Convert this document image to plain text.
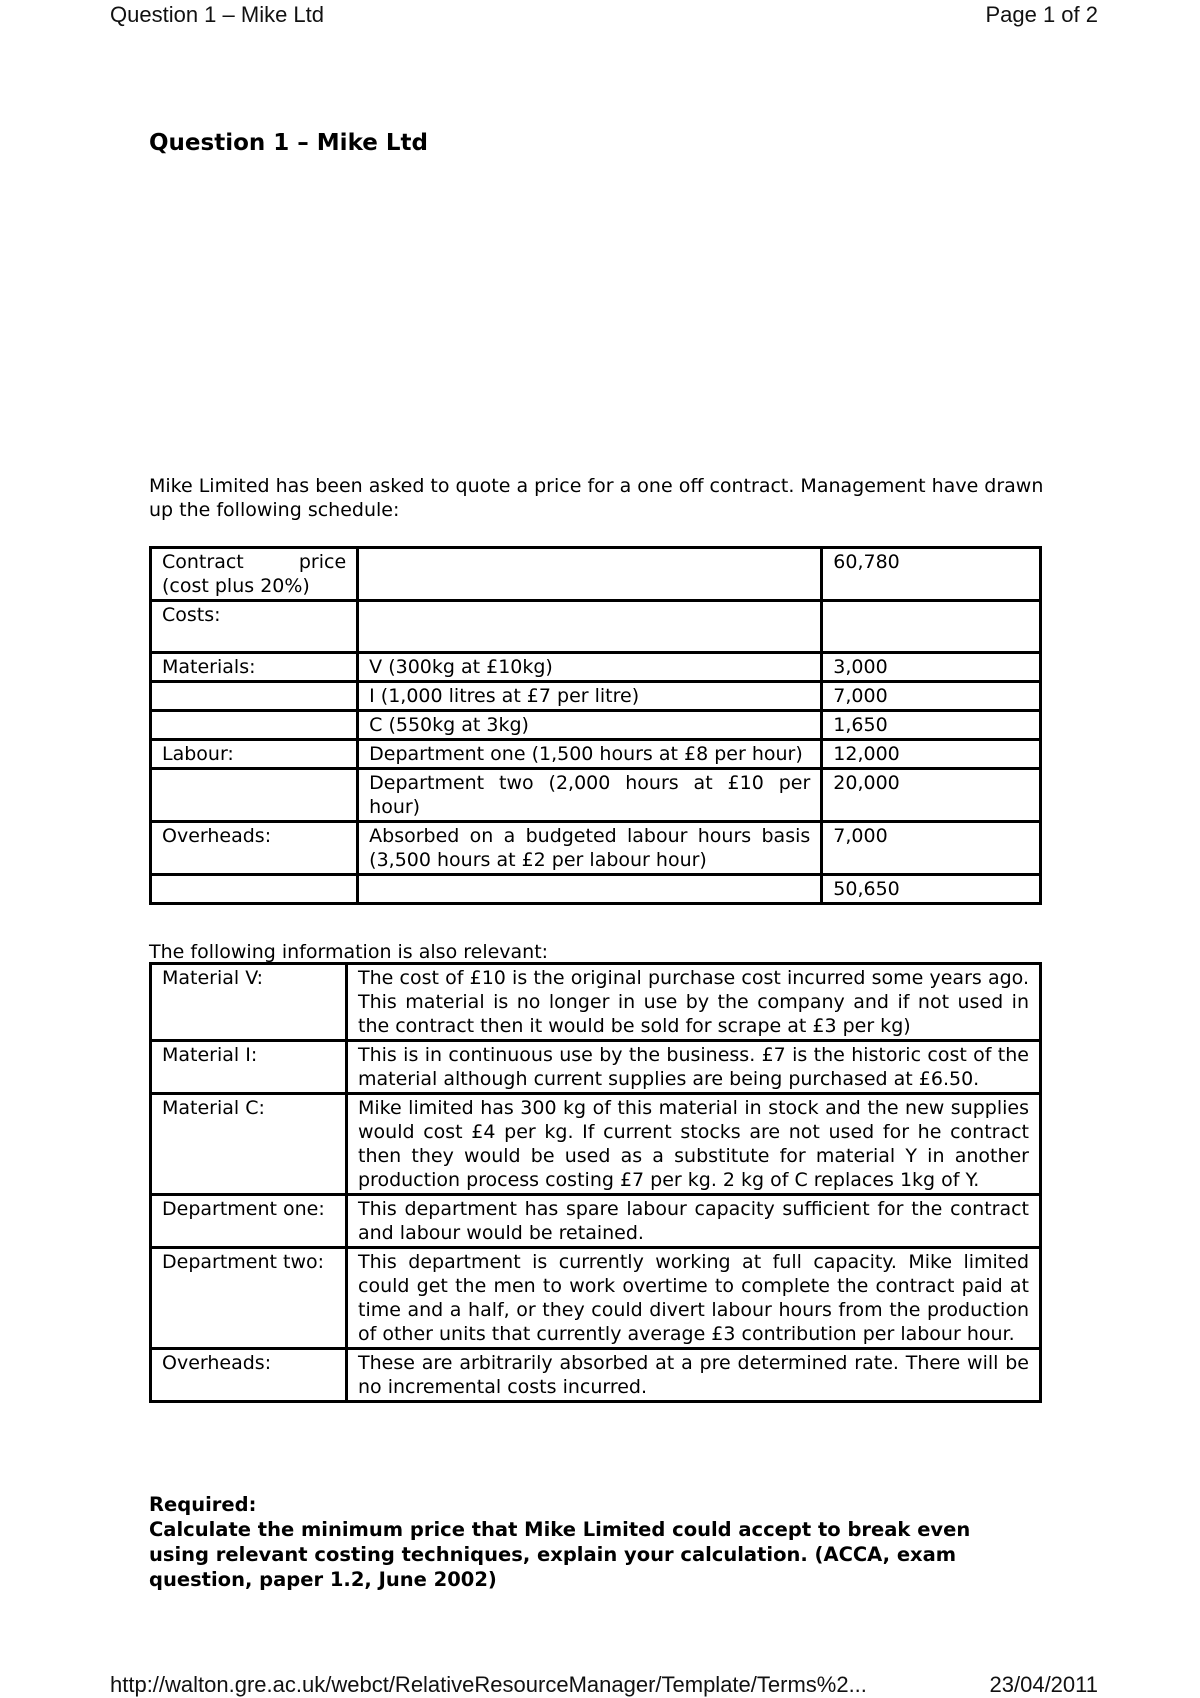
Question 1 – Mike Ltd	Page 1 of 2
Question 1 – Mike Ltd
Mike Limited has been asked to quote a price for a one off contract. Management have drawn up the following schedule:
Contract price
(cost plus 20%)		60,780
Costs:		
Materials:	V (300kg at £10kg)	3,000
	I (1,000 litres at £7 per litre)	7,000
	C (550kg at 3kg)	1,650
Labour:	Department one (1,500 hours at £8 per hour)	12,000
	Department two (2,000 hours at £10 per hour)	20,000
Overheads:	Absorbed on a budgeted labour hours basis (3,500 hours at £2 per labour hour)	7,000
		50,650
The following information is also relevant:
Material V:	The cost of £10 is the original purchase cost incurred some years ago. This material is no longer in use by the company and if not used in the contract then it would be sold for scrape at £3 per kg)
Material I:	This is in continuous use by the business. £7 is the historic cost of the material although current supplies are being purchased at £6.50.
Material C:	Mike limited has 300 kg of this material in stock and the new supplies would cost £4 per kg. If current stocks are not used for he contract then they would be used as a substitute for material Y in another production process costing £7 per kg. 2 kg of C replaces 1kg of Y.
Department one:	This department has spare labour capacity sufficient for the contract and labour would be retained.
Department two:	This department is currently working at full capacity. Mike limited could get the men to work overtime to complete the contract paid at time and a half, or they could divert labour hours from the production of other units that currently average £3 contribution per labour hour.
Overheads:	These are arbitrarily absorbed at a pre determined rate. There will be no incremental costs incurred.
Required:
Calculate the minimum price that Mike Limited could accept to break even using relevant costing techniques, explain your calculation. (ACCA, exam question, paper 1.2, June 2002)
http://walton.gre.ac.uk/webct/RelativeResourceManager/Template/Terms%2...	23/04/2011
